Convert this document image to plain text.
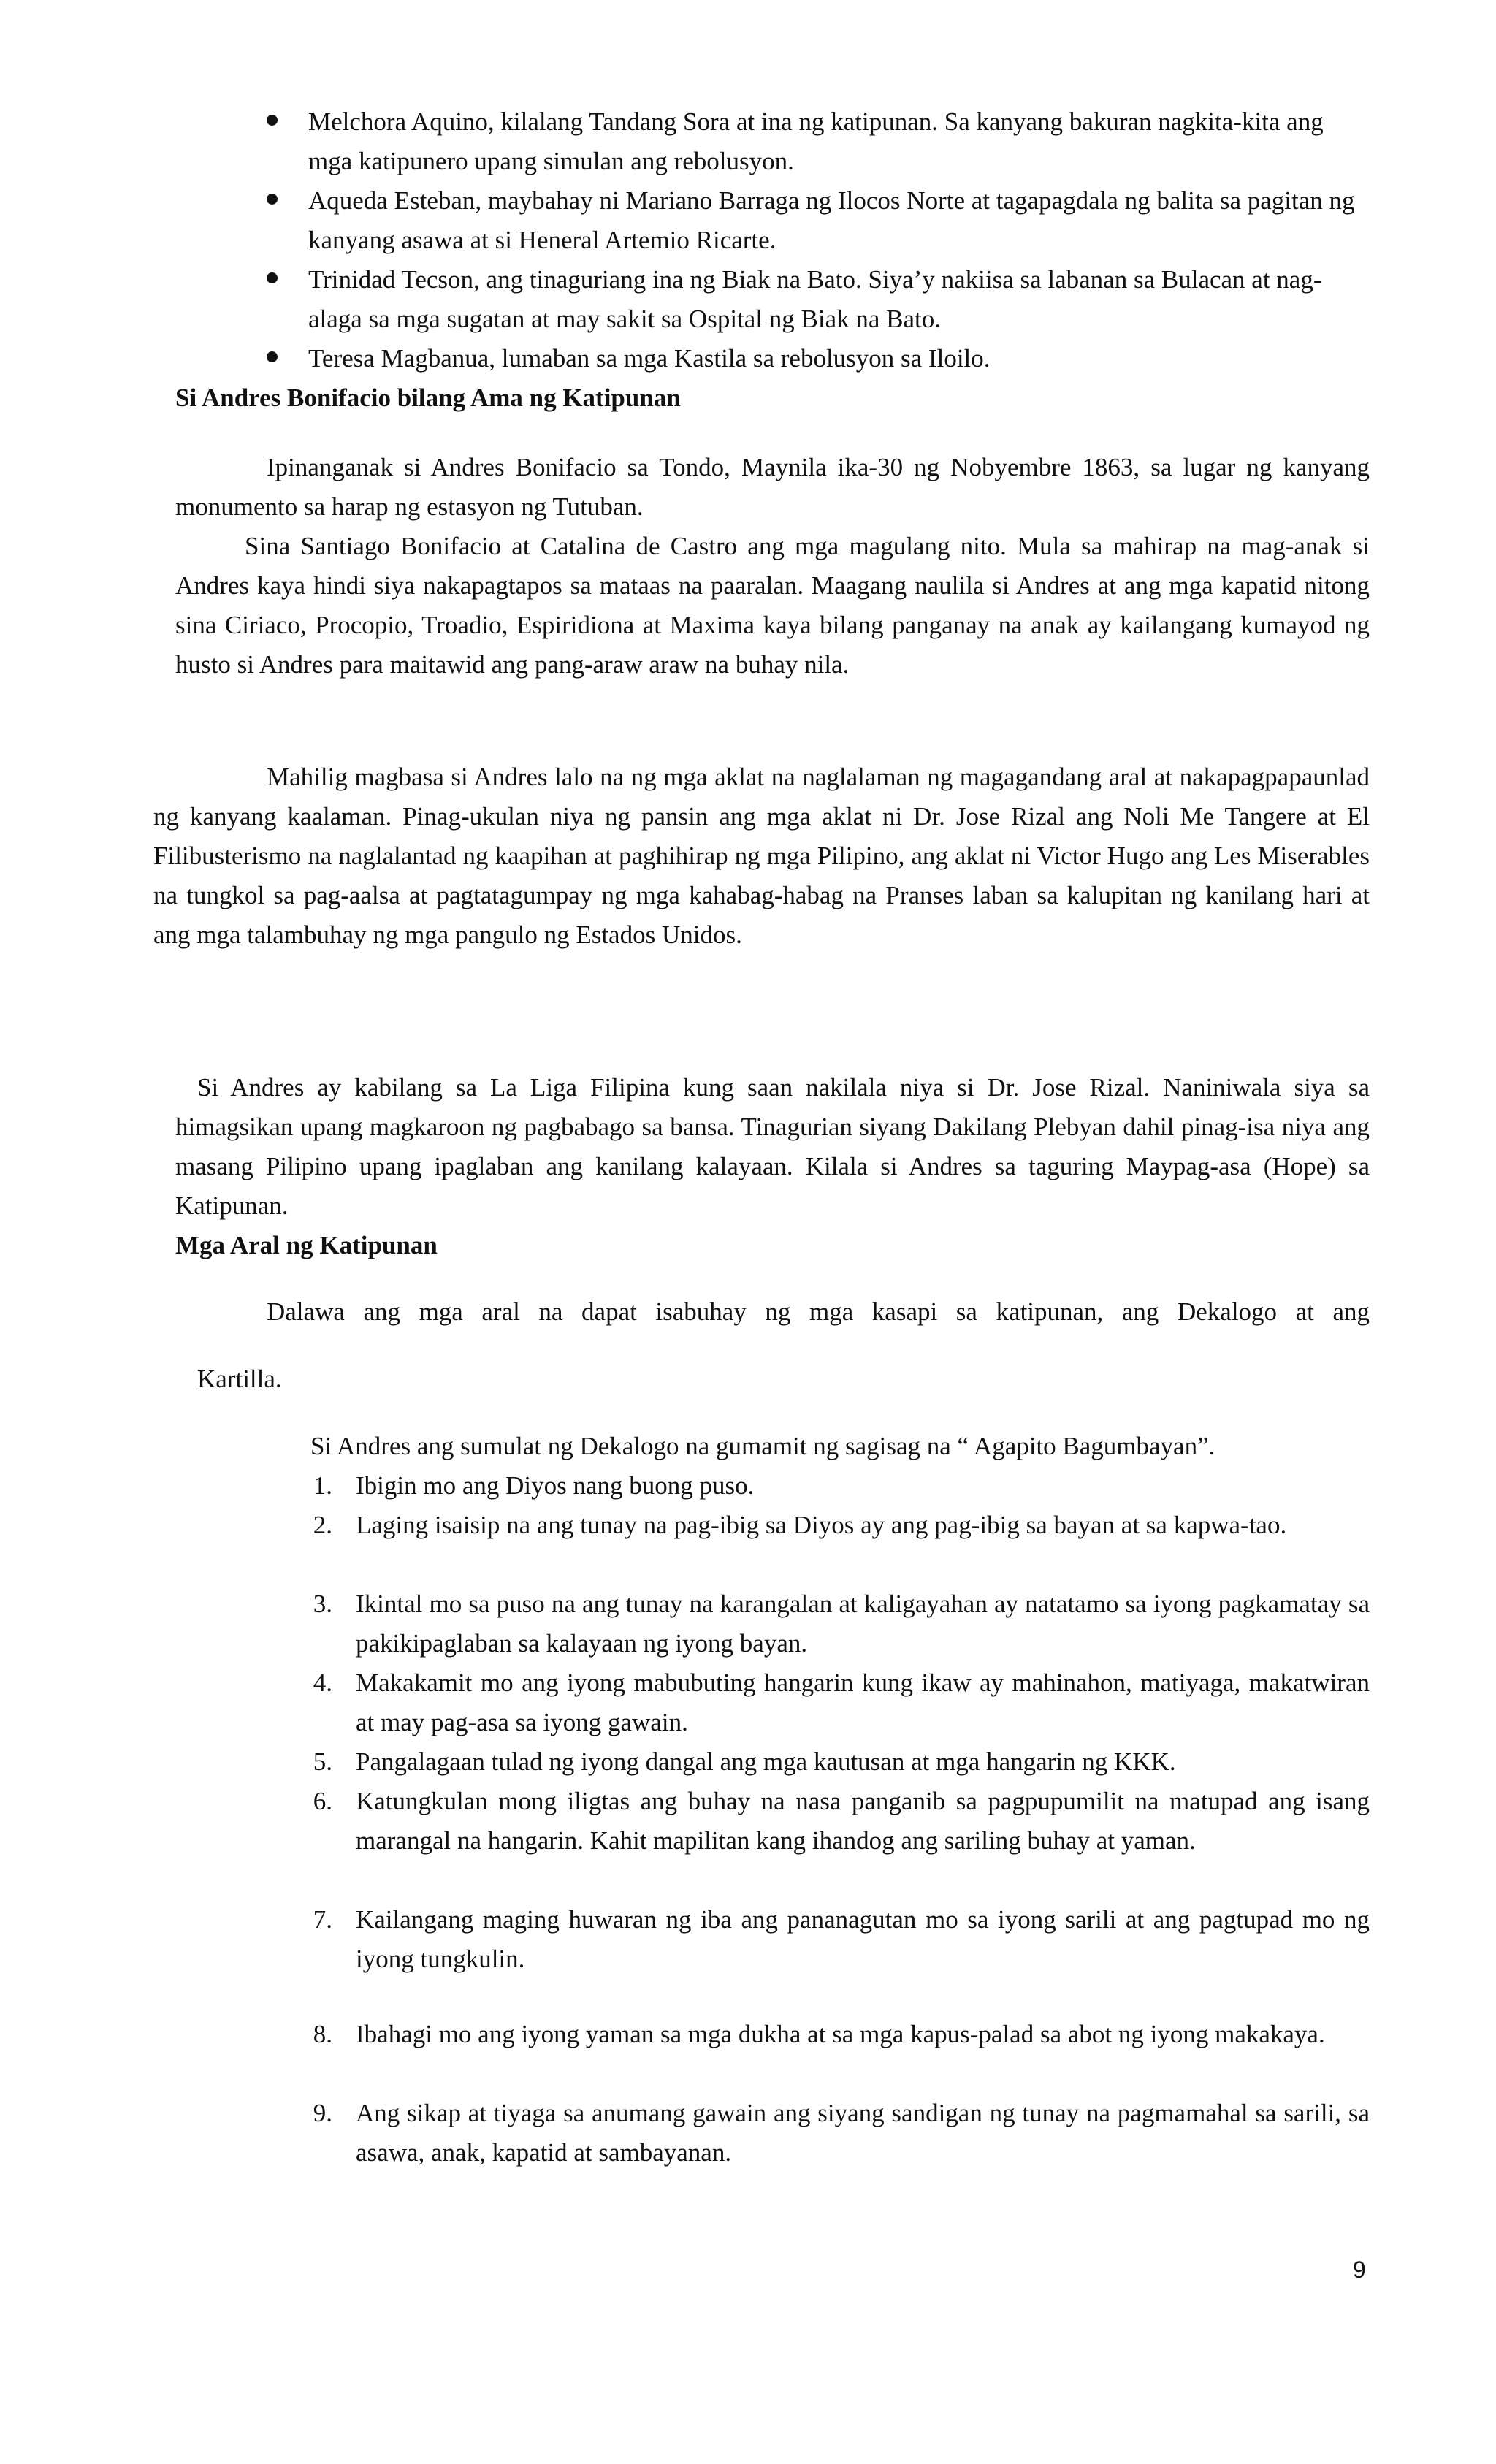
Melchora Aquino, kilalang Tandang Sora at ina ng katipunan. Sa kanyang bakuran nagkita-kita ang mga katipunero upang simulan ang rebolusyon.
Aqueda Esteban, maybahay ni Mariano Barraga ng Ilocos Norte at tagapagdala ng balita sa pagitan ng kanyang asawa at si Heneral Artemio Ricarte.
Trinidad Tecson, ang tinaguriang ina ng Biak na Bato. Siya’y nakiisa sa labanan sa Bulacan at nag-alaga sa mga sugatan at may sakit sa Ospital ng Biak na Bato.
Teresa Magbanua, lumaban sa mga Kastila sa rebolusyon sa Iloilo.
Si Andres Bonifacio bilang Ama ng Katipunan

Ipinanganak si Andres Bonifacio sa Tondo, Maynila ika-30 ng Nobyembre 1863, sa lugar ng kanyang monumento sa harap ng estasyon ng Tutuban.

Sina Santiago Bonifacio at Catalina de Castro ang mga magulang nito. Mula sa mahirap na mag-anak si Andres kaya hindi siya nakapagtapos sa mataas na paaralan. Maagang naulila si Andres at ang mga kapatid nitong sina Ciriaco, Procopio, Troadio, Espiridiona at Maxima kaya bilang panganay na anak ay kailangang kumayod ng husto si Andres para maitawid ang pang-araw araw na buhay nila.

Mahilig magbasa si Andres lalo na ng mga aklat na naglalaman ng magagandang aral at nakapagpapaunlad ng kanyang kaalaman. Pinag-ukulan niya ng pansin ang mga aklat ni Dr. Jose Rizal ang Noli Me Tangere at El Filibusterismo na naglalantad ng kaapihan at paghihirap ng mga Pilipino, ang aklat ni Victor Hugo ang Les Miserables na tungkol sa pag-aalsa at pagtatagumpay ng mga kahabag-habag na Pranses laban sa kalupitan ng kanilang hari at ang mga talambuhay ng mga pangulo ng Estados Unidos.

Si Andres ay kabilang sa La Liga Filipina kung saan nakilala niya si Dr. Jose Rizal. Naniniwala siya sa himagsikan upang magkaroon ng pagbabago sa bansa. Tinagurian siyang Dakilang Plebyan dahil pinag-isa niya ang masang Pilipino upang ipaglaban ang kanilang kalayaan. Kilala si Andres sa taguring Maypag-asa (Hope) sa Katipunan.

Mga Aral ng Katipunan

Dalawa ang mga aral na dapat isabuhay ng mga kasapi sa katipunan, ang Dekalogo at ang

Kartilla.
Si Andres ang sumulat ng Dekalogo na gumamit ng sagisag na “ Agapito Bagumbayan”.
1. Ibigin mo ang Diyos nang buong puso.
2. Laging isaisip na ang tunay na pag-ibig sa Diyos ay ang pag-ibig sa bayan at sa kapwa-tao.
3. Ikintal mo sa puso na ang tunay na karangalan at kaligayahan ay natatamo sa iyong pagkamatay sa pakikipaglaban sa kalayaan ng iyong bayan.
4. Makakamit mo ang iyong mabubuting hangarin kung ikaw ay mahinahon, matiyaga, makatwiran at may pag-asa sa iyong gawain.
5. Pangalagaan tulad ng iyong dangal ang mga kautusan at mga hangarin ng KKK.
6. Katungkulan mong iligtas ang buhay na nasa panganib sa pagpupumilit na matupad ang isang marangal na hangarin. Kahit mapilitan kang ihandog ang sariling buhay at yaman.
7. Kailangang maging huwaran ng iba ang pananagutan mo sa iyong sarili at ang pagtupad mo ng iyong tungkulin.
8. Ibahagi mo ang iyong yaman sa mga dukha at sa mga kapus-palad sa abot ng iyong makakaya.
9. Ang sikap at tiyaga sa anumang gawain ang siyang sandigan ng tunay na pagmamahal sa sarili, sa asawa, anak, kapatid at sambayanan.
9
